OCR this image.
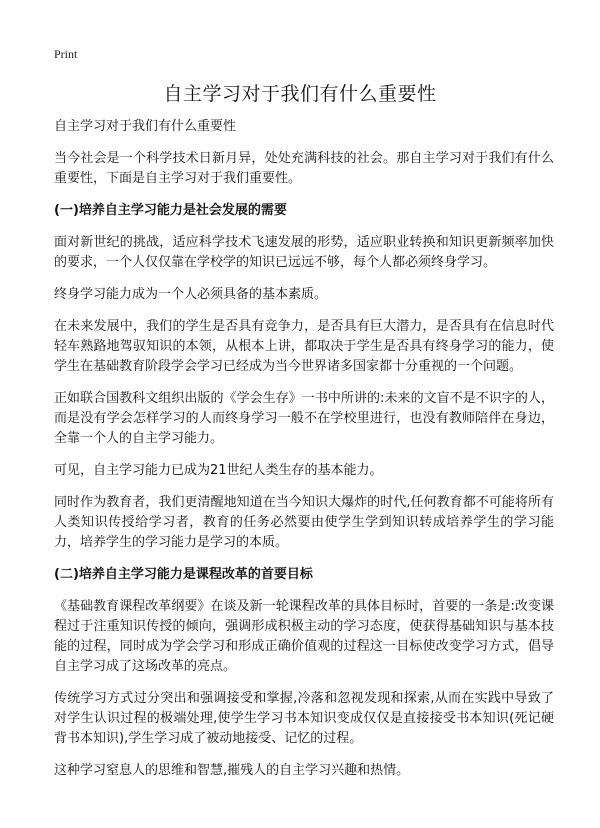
Print
自主学习对于我们有什么重要性

自主学习对于我们有什么重要性

当今社会是一个科学技术日新月异，处处充满科技的社会。那自主学习对于我们有什么重要性，下面是自主学习对于我们重要性。

(一)培养自主学习能力是社会发展的需要

面对新世纪的挑战，适应科学技术飞速发展的形势，适应职业转换和知识更新频率加快的要求，一个人仅仅靠在学校学的知识已远远不够，每个人都必须终身学习。

终身学习能力成为一个人必须具备的基本素质。

在未来发展中，我们的学生是否具有竞争力，是否具有巨大潜力，是否具有在信息时代轻车熟路地驾驭知识的本领，从根本上讲，都取决于学生是否具有终身学习的能力，使学生在基础教育阶段学会学习已经成为当今世界诸多国家都十分重视的一个问题。

正如联合国教科文组织出版的《学会生存》一书中所讲的:未来的文盲不是不识字的人，而是没有学会怎样学习的人而终身学习一般不在学校里进行，也没有教师陪伴在身边，全靠一个人的自主学习能力。

可见，自主学习能力已成为21世纪人类生存的基本能力。

同时作为教育者，我们更清醒地知道在当今知识大爆炸的时代,任何教育都不可能将所有人类知识传授给学习者，教育的任务必然要由使学生学到知识转成培养学生的学习能力，培养学生的学习能力是学习的本质。

(二)培养自主学习能力是课程改革的首要目标

《基础教育课程改革纲要》在谈及新一轮课程改革的具体目标时，首要的一条是:改变课程过于注重知识传授的倾向，强调形成积极主动的学习态度，使获得基础知识与基本技能的过程，同时成为学会学习和形成正确价值观的过程这一目标使改变学习方式，倡导自主学习成了这场改革的亮点。

传统学习方式过分突出和强调接受和掌握,冷落和忽视发现和探索,从而在实践中导致了对学生认识过程的极端处理,使学生学习书本知识变成仅仅是直接接受书本知识(死记硬背书本知识),学生学习成了被动地接受、记忆的过程。

这种学习窒息人的思维和智慧,摧残人的自主学习兴趣和热情。
